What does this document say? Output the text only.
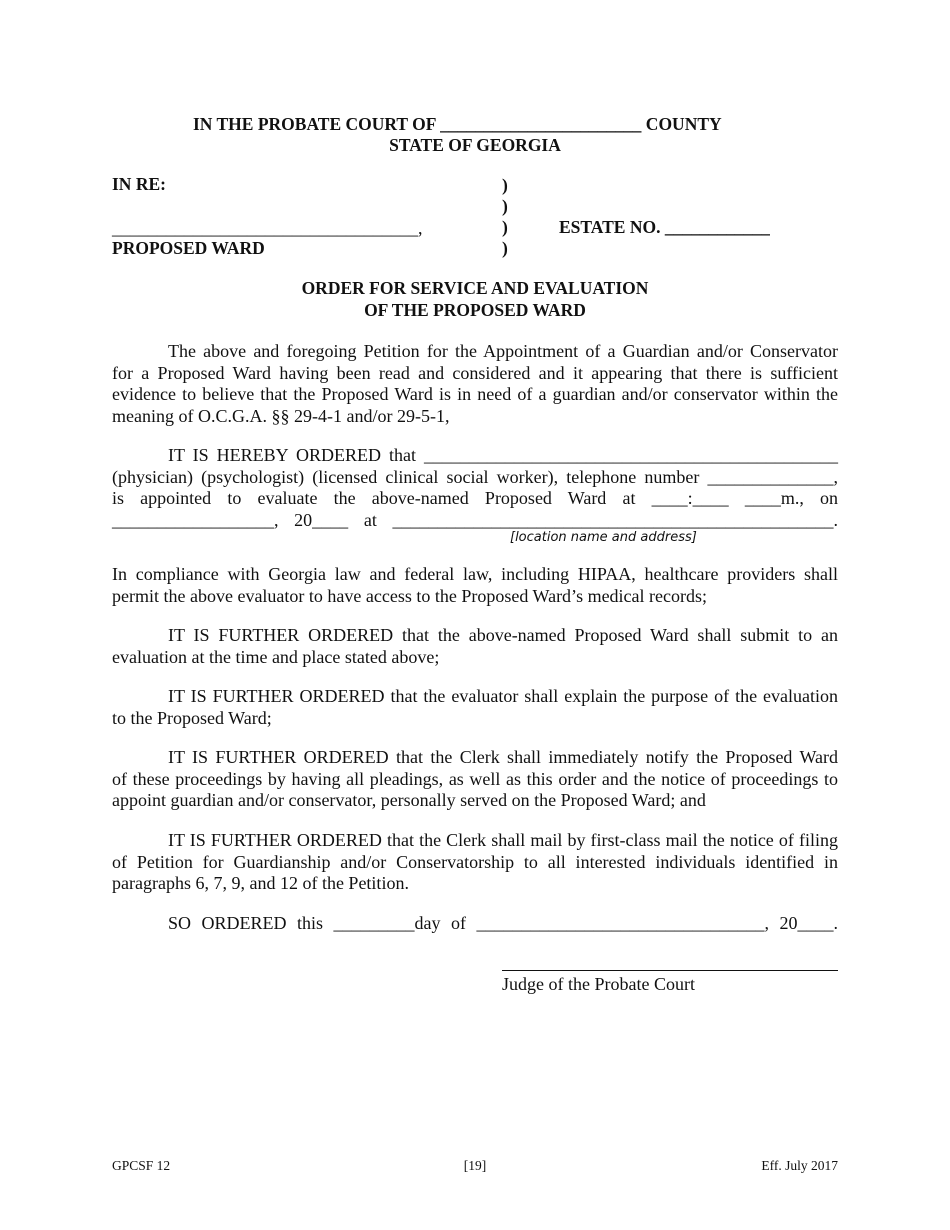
IN THE PROBATE COURT OF _______________________ COUNTY
STATE OF GEORGIA
IN RE:
__________________________________,
PROPOSED WARD
)
)
)
)
ESTATE NO. ____________
ORDER FOR SERVICE AND EVALUATION
OF THE PROPOSED WARD
The above and foregoing Petition for the Appointment of a Guardian and/or Conservator
for a Proposed Ward having been read and considered and it appearing that there is sufficient
evidence to believe that the Proposed Ward is in need of a guardian and/or conservator within the
meaning of O.C.G.A. §§ 29-4-1 and/or 29-5-1,
IT IS HEREBY ORDERED that ______________________________________________
(physician) (psychologist) (licensed clinical social worker), telephone number ______________,
is appointed to evaluate the above-named Proposed Ward at ____:____ ____m., on
__________________, 20____ at _________________________________________________.
[location name and address]
In compliance with Georgia law and federal law, including HIPAA, healthcare providers shall
permit the above evaluator to have access to the Proposed Ward’s medical records;
IT IS FURTHER ORDERED that the above-named Proposed Ward shall submit to an
evaluation at the time and place stated above;
IT IS FURTHER ORDERED that the evaluator shall explain the purpose of the evaluation
to the Proposed Ward;
IT IS FURTHER ORDERED that the Clerk shall immediately notify the Proposed Ward
of these proceedings by having all pleadings, as well as this order and the notice of proceedings to
appoint guardian and/or conservator, personally served on the Proposed Ward; and
IT IS FURTHER ORDERED that the Clerk shall mail by first-class mail the notice of filing
of Petition for Guardianship and/or Conservatorship to all interested individuals identified in
paragraphs 6, 7, 9, and 12 of the Petition.
SO ORDERED this _________day of ________________________________, 20____.
Judge of the Probate Court
GPCSF 12	[19]	Eff. July 2017
